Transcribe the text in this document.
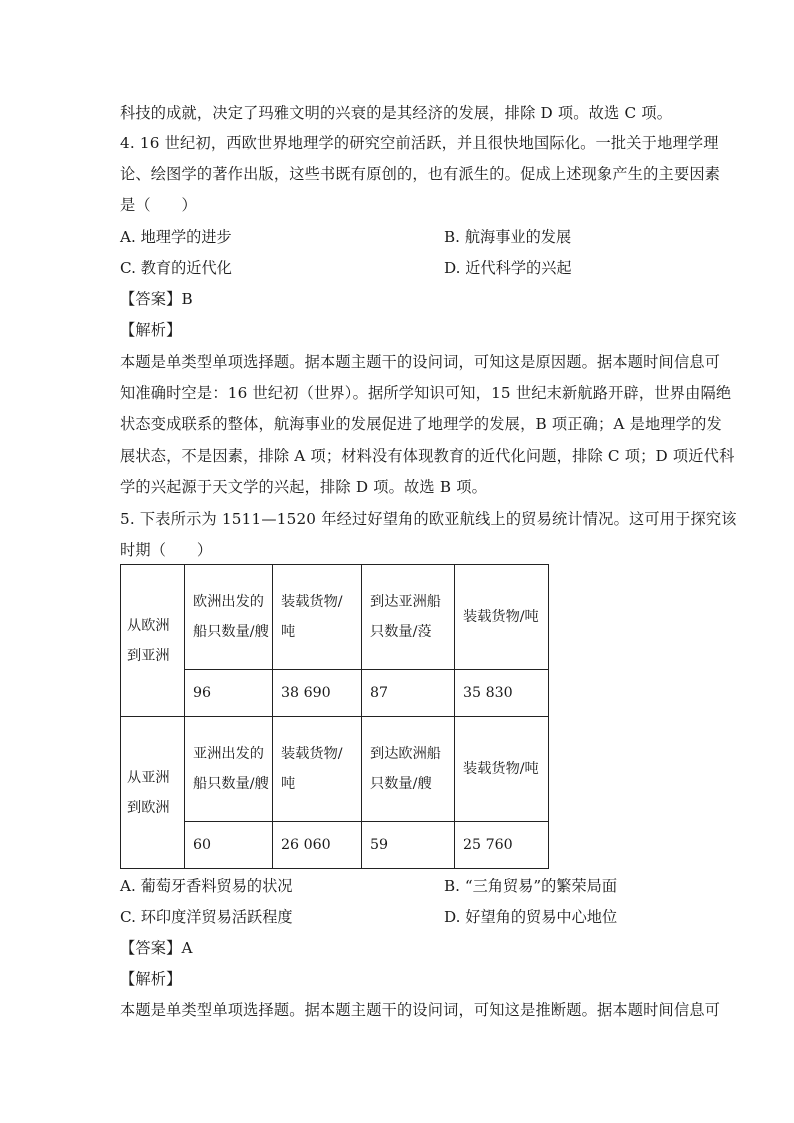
科技的成就，决定了玛雅文明的兴衰的是其经济的发展，排除 D 项。故选 C 项。
4. 16 世纪初，西欧世界地理学的研究空前活跃，并且很快地国际化。一批关于地理学理
论、绘图学的著作出版，这些书既有原创的，也有派生的。促成上述现象产生的主要因素
是（　　）
A. 地理学的进步	B. 航海事业的发展
C. 教育的近代化	D. 近代科学的兴起
【答案】B
【解析】
本题是单类型单项选择题。据本题主题干的设问词，可知这是原因题。据本题时间信息可
知准确时空是：16 世纪初（世界）。据所学知识可知，15 世纪末新航路开辟，世界由隔绝
状态变成联系的整体，航海事业的发展促进了地理学的发展，B 项正确；A 是地理学的发
展状态，不是因素，排除 A 项；材料没有体现教育的近代化问题，排除 C 项；D 项近代科
学的兴起源于天文学的兴起，排除 D 项。故选 B 项。
5. 下表所示为 1511—1520 年经过好望角的欧亚航线上的贸易统计情况。这可用于探究该
时期（　　）
从欧洲到亚洲	欧洲出发的船只数量/艘	装载货物/吨	到达亚洲船只数量/莈	装载货物/吨

	96	38 690	87	35 830

从亚洲到欧洲	亚洲出发的船只数量/艘	装载货物/吨	到达欧洲船只数量/艘	装载货物/吨

	60	26 060	59	25 760
A. 葡萄牙香料贸易的状况	B. “三角贸易”的繁荣局面
C. 环印度洋贸易活跃程度	D. 好望角的贸易中心地位
【答案】A
【解析】
本题是单类型单项选择题。据本题主题干的设问词，可知这是推断题。据本题时间信息可
